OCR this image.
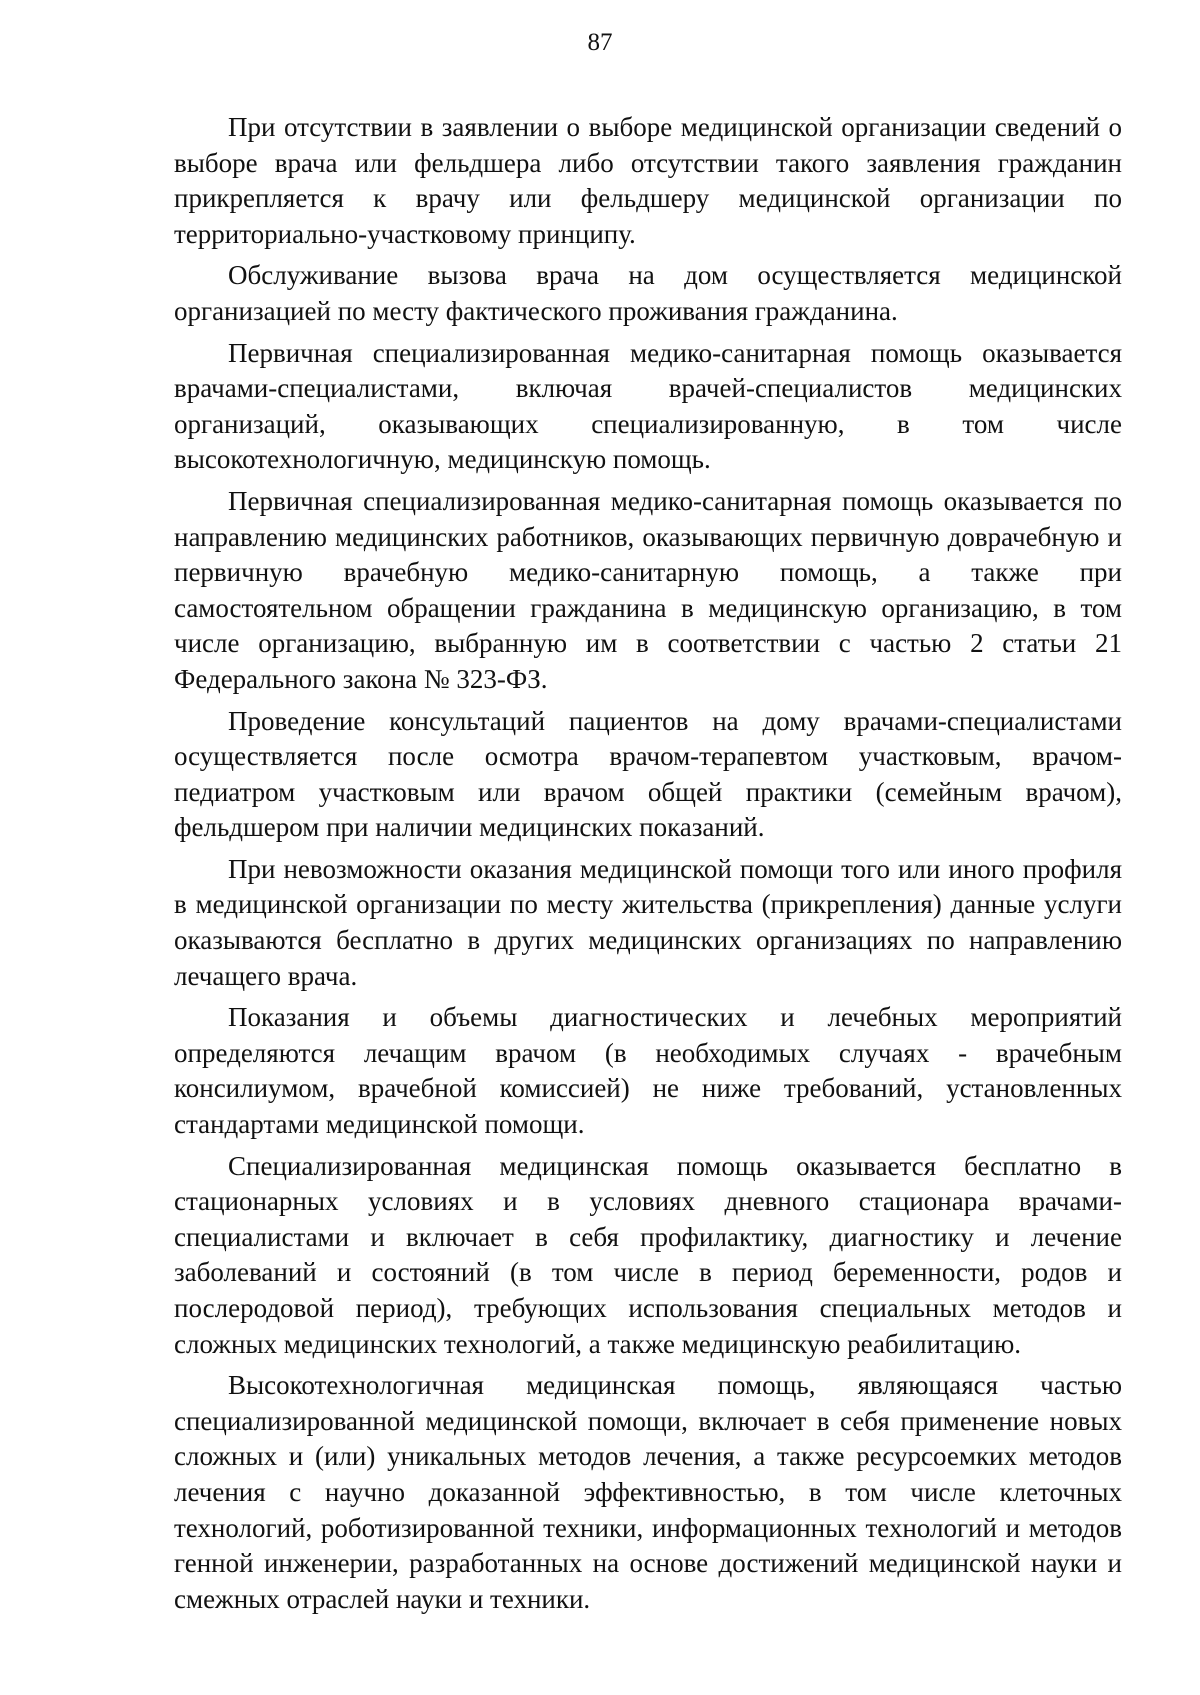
87

При отсутствии в заявлении о выборе медицинской организации сведений о выборе врача или фельдшера либо отсутствии такого заявления гражданин прикрепляется к врачу или фельдшеру медицинской организации по территориально-участковому принципу.

Обслуживание вызова врача на дом осуществляется медицинской организацией по месту фактического проживания гражданина.

Первичная специализированная медико-санитарная помощь оказывается врачами-специалистами, включая врачей-специалистов медицинских организаций, оказывающих специализированную, в том числе высокотехнологичную, медицинскую помощь.

Первичная специализированная медико-санитарная помощь оказывается по направлению медицинских работников, оказывающих первичную доврачебную и первичную врачебную медико-санитарную помощь, а также при самостоятельном обращении гражданина в медицинскую организацию, в том числе организацию, выбранную им в соответствии с частью 2 статьи 21 Федерального закона № 323-ФЗ.

Проведение консультаций пациентов на дому врачами-специалистами осуществляется после осмотра врачом-терапевтом участковым, врачом-педиатром участковым или врачом общей практики (семейным врачом), фельдшером при наличии медицинских показаний.

При невозможности оказания медицинской помощи того или иного профиля в медицинской организации по месту жительства (прикрепления) данные услуги оказываются бесплатно в других медицинских организациях по направлению лечащего врача.

Показания и объемы диагностических и лечебных мероприятий определяются лечащим врачом (в необходимых случаях - врачебным консилиумом, врачебной комиссией) не ниже требований, установленных стандартами медицинской помощи.

Специализированная медицинская помощь оказывается бесплатно в стационарных условиях и в условиях дневного стационара врачами-специалистами и включает в себя профилактику, диагностику и лечение заболеваний и состояний (в том числе в период беременности, родов и послеродовой период), требующих использования специальных методов и сложных медицинских технологий, а также медицинскую реабилитацию.

Высокотехнологичная медицинская помощь, являющаяся частью специализированной медицинской помощи, включает в себя применение новых сложных и (или) уникальных методов лечения, а также ресурсоемких методов лечения с научно доказанной эффективностью, в том числе клеточных технологий, роботизированной техники, информационных технологий и методов генной инженерии, разработанных на основе достижений медицинской науки и смежных отраслей науки и техники.
